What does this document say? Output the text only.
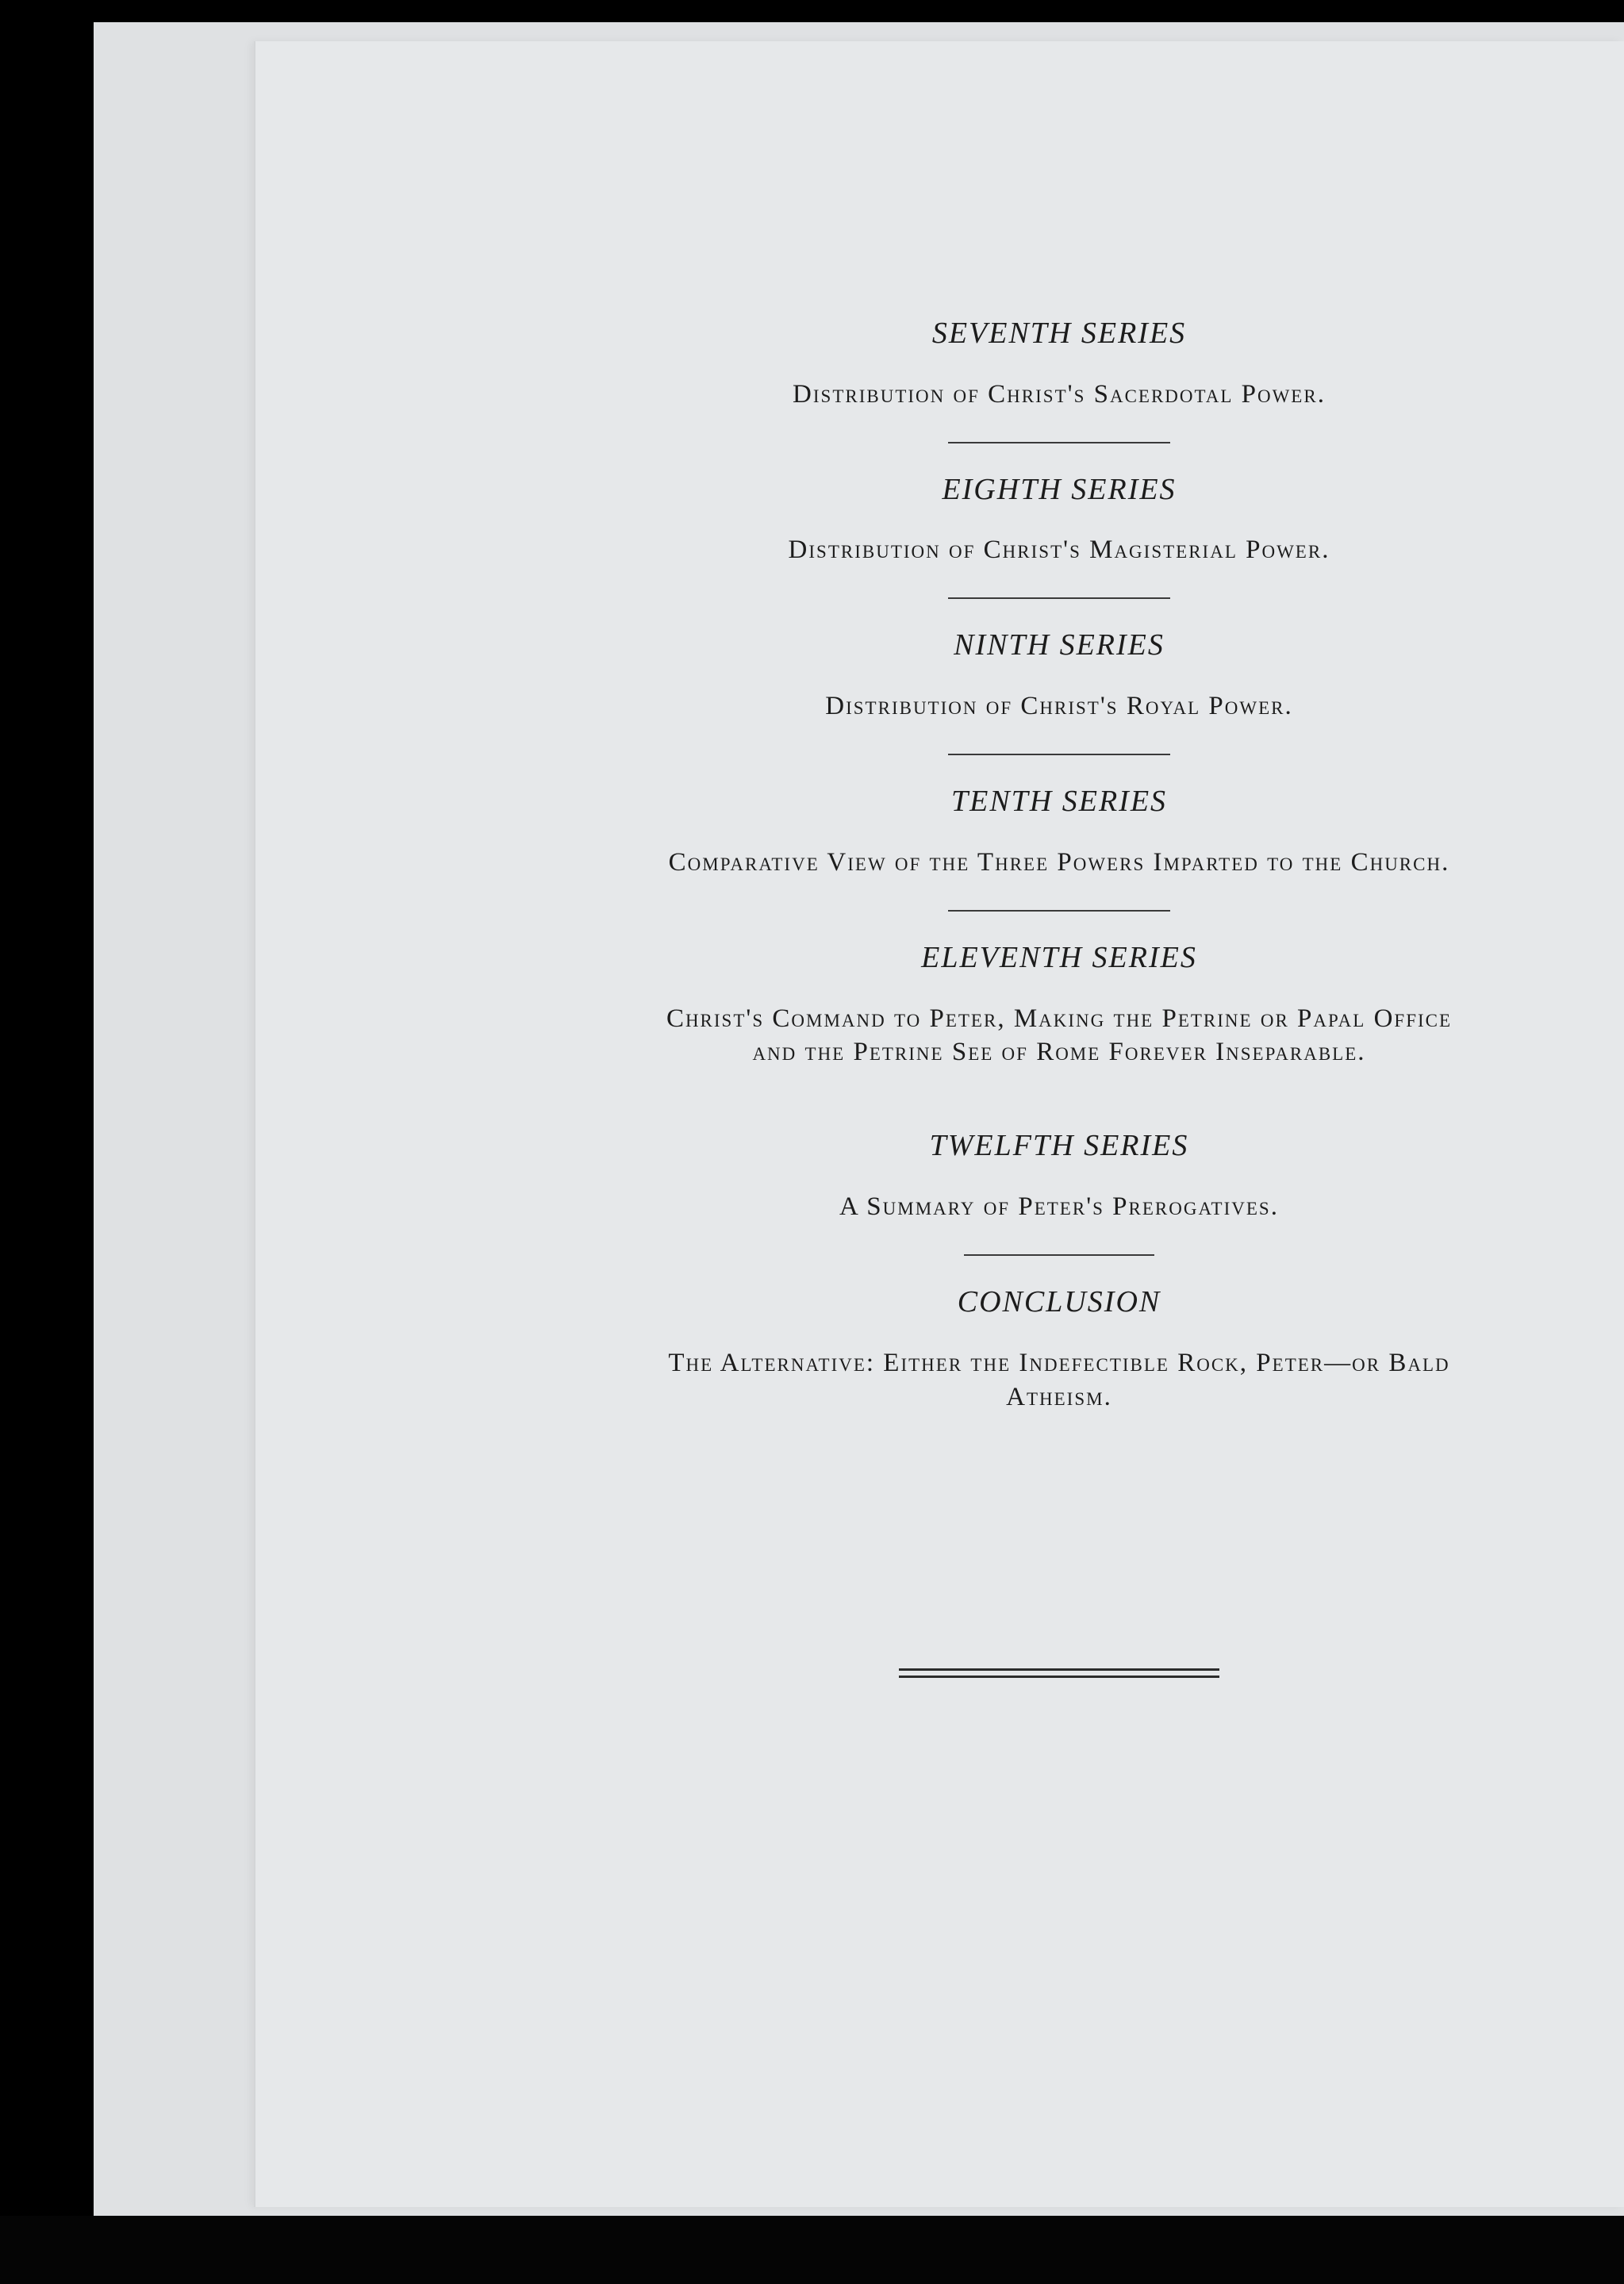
SEVENTH SERIES
Distribution of Christ's Sacerdotal Power.
EIGHTH SERIES
Distribution of Christ's Magisterial Power.
NINTH SERIES
Distribution of Christ's Royal Power.
TENTH SERIES
Comparative View of the Three Powers Imparted to the Church.
ELEVENTH SERIES
Christ's Command to Peter, Making the Petrine or Papal Office and the Petrine See of Rome Forever Inseparable.
TWELFTH SERIES
A Summary of Peter's Prerogatives.
CONCLUSION
The Alternative: Either the Indefectible Rock, Peter—or Bald Atheism.
